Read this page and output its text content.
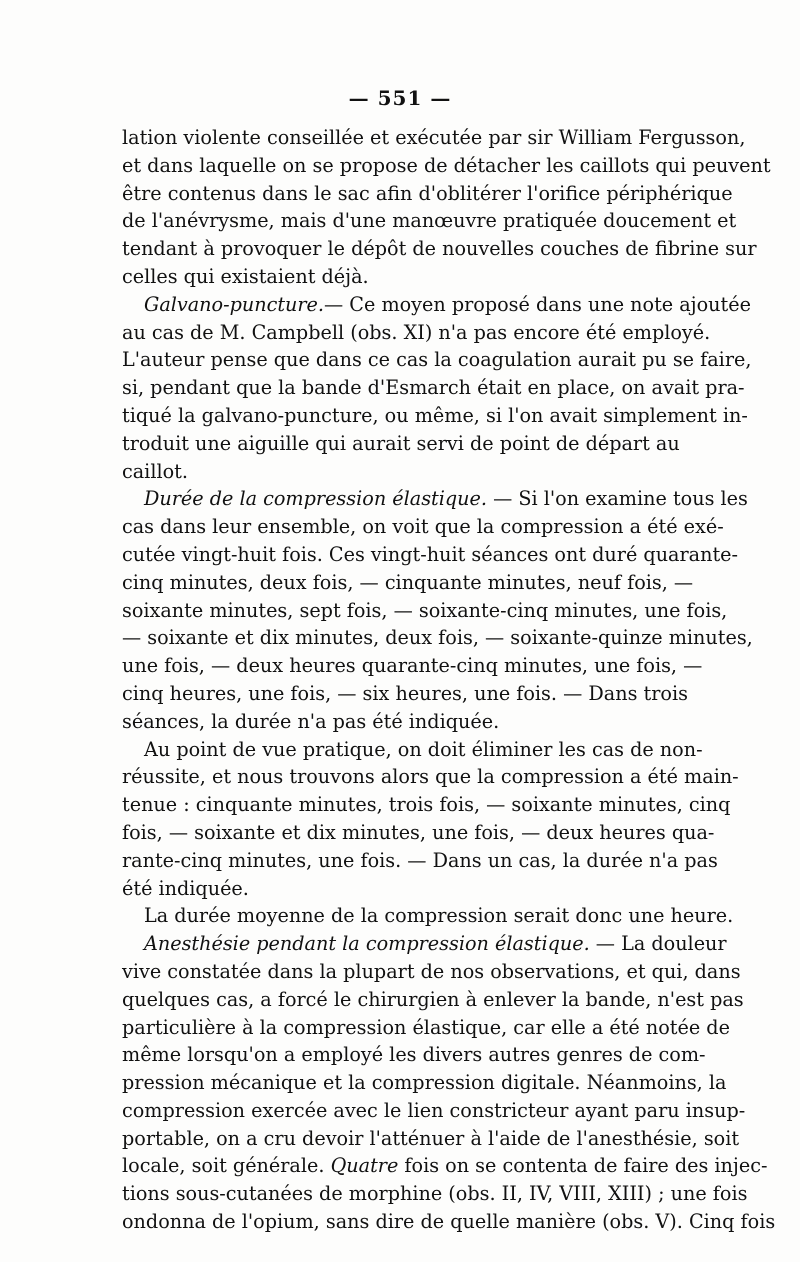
— 551 —
lation violente conseillée et exécutée par sir William Fergusson,
et dans laquelle on se propose de détacher les caillots qui peuvent
être contenus dans le sac afin d'oblitérer l'orifice périphérique
de l'anévrysme, mais d'une manœuvre pratiquée doucement et
tendant à provoquer le dépôt de nouvelles couches de fibrine sur
celles qui existaient déjà.
Galvano-puncture.— Ce moyen proposé dans une note ajoutée
au cas de M. Campbell (obs. XI) n'a pas encore été employé.
L'auteur pense que dans ce cas la coagulation aurait pu se faire,
si, pendant que la bande d'Esmarch était en place, on avait pra-
tiqué la galvano-puncture, ou même, si l'on avait simplement in-
troduit une aiguille qui aurait servi de point de départ au
caillot.
Durée de la compression élastique. — Si l'on examine tous les
cas dans leur ensemble, on voit que la compression a été exé-
cutée vingt-huit fois. Ces vingt-huit séances ont duré quarante-
cinq minutes, deux fois, — cinquante minutes, neuf fois, —
soixante minutes, sept fois, — soixante-cinq minutes, une fois,
— soixante et dix minutes, deux fois, — soixante-quinze minutes,
une fois, — deux heures quarante-cinq minutes, une fois, —
cinq heures, une fois, — six heures, une fois. — Dans trois
séances, la durée n'a pas été indiquée.
Au point de vue pratique, on doit éliminer les cas de non-
réussite, et nous trouvons alors que la compression a été main-
tenue : cinquante minutes, trois fois, — soixante minutes, cinq
fois, — soixante et dix minutes, une fois, — deux heures qua-
rante-cinq minutes, une fois. — Dans un cas, la durée n'a pas
été indiquée.
La durée moyenne de la compression serait donc une heure.
Anesthésie pendant la compression élastique. — La douleur
vive constatée dans la plupart de nos observations, et qui, dans
quelques cas, a forcé le chirurgien à enlever la bande, n'est pas
particulière à la compression élastique, car elle a été notée de
même lorsqu'on a employé les divers autres genres de com-
pression mécanique et la compression digitale. Néanmoins, la
compression exercée avec le lien constricteur ayant paru insup-
portable, on a cru devoir l'atténuer à l'aide de l'anesthésie, soit
locale, soit générale. Quatre fois on se contenta de faire des injec-
tions sous-cutanées de morphine (obs. II, IV, VIII, XIII) ; une fois
ondonna de l'opium, sans dire de quelle manière (obs. V). Cinq fois
